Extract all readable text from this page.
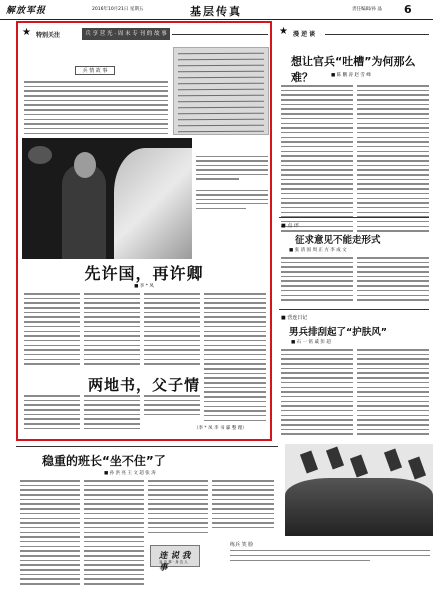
解放军报	2016年10月21日 星期五	基层传真	责任编辑/孙 晶 6
★ 特别关注	兵 享 营 光 · 周 末 专 刊 的 故 事
兵 情 故 事
先许国，再许卿
■ 李 * 凤
两地书，父子情
（李 * 凤 李 书 霖 整 理）
★ 漫 逆 谈
想让官兵“吐槽”为何那么难？	■ 陈 鹏 涛 赵 雪 峰
■ 点 评
征求意见不能走形式
■ 张 清 国 周 正 方 李 成 文
■ 营连日记
男兵排刮起了“护肤风”
■ 石 一 铭 戚 彭 超
稳重的班长“坐不住”了
■ 孙 洪 亮 王 文 超 张 涛
连 说 我 事
身 边 事 · 身 边 人
练兵 笑 脸
